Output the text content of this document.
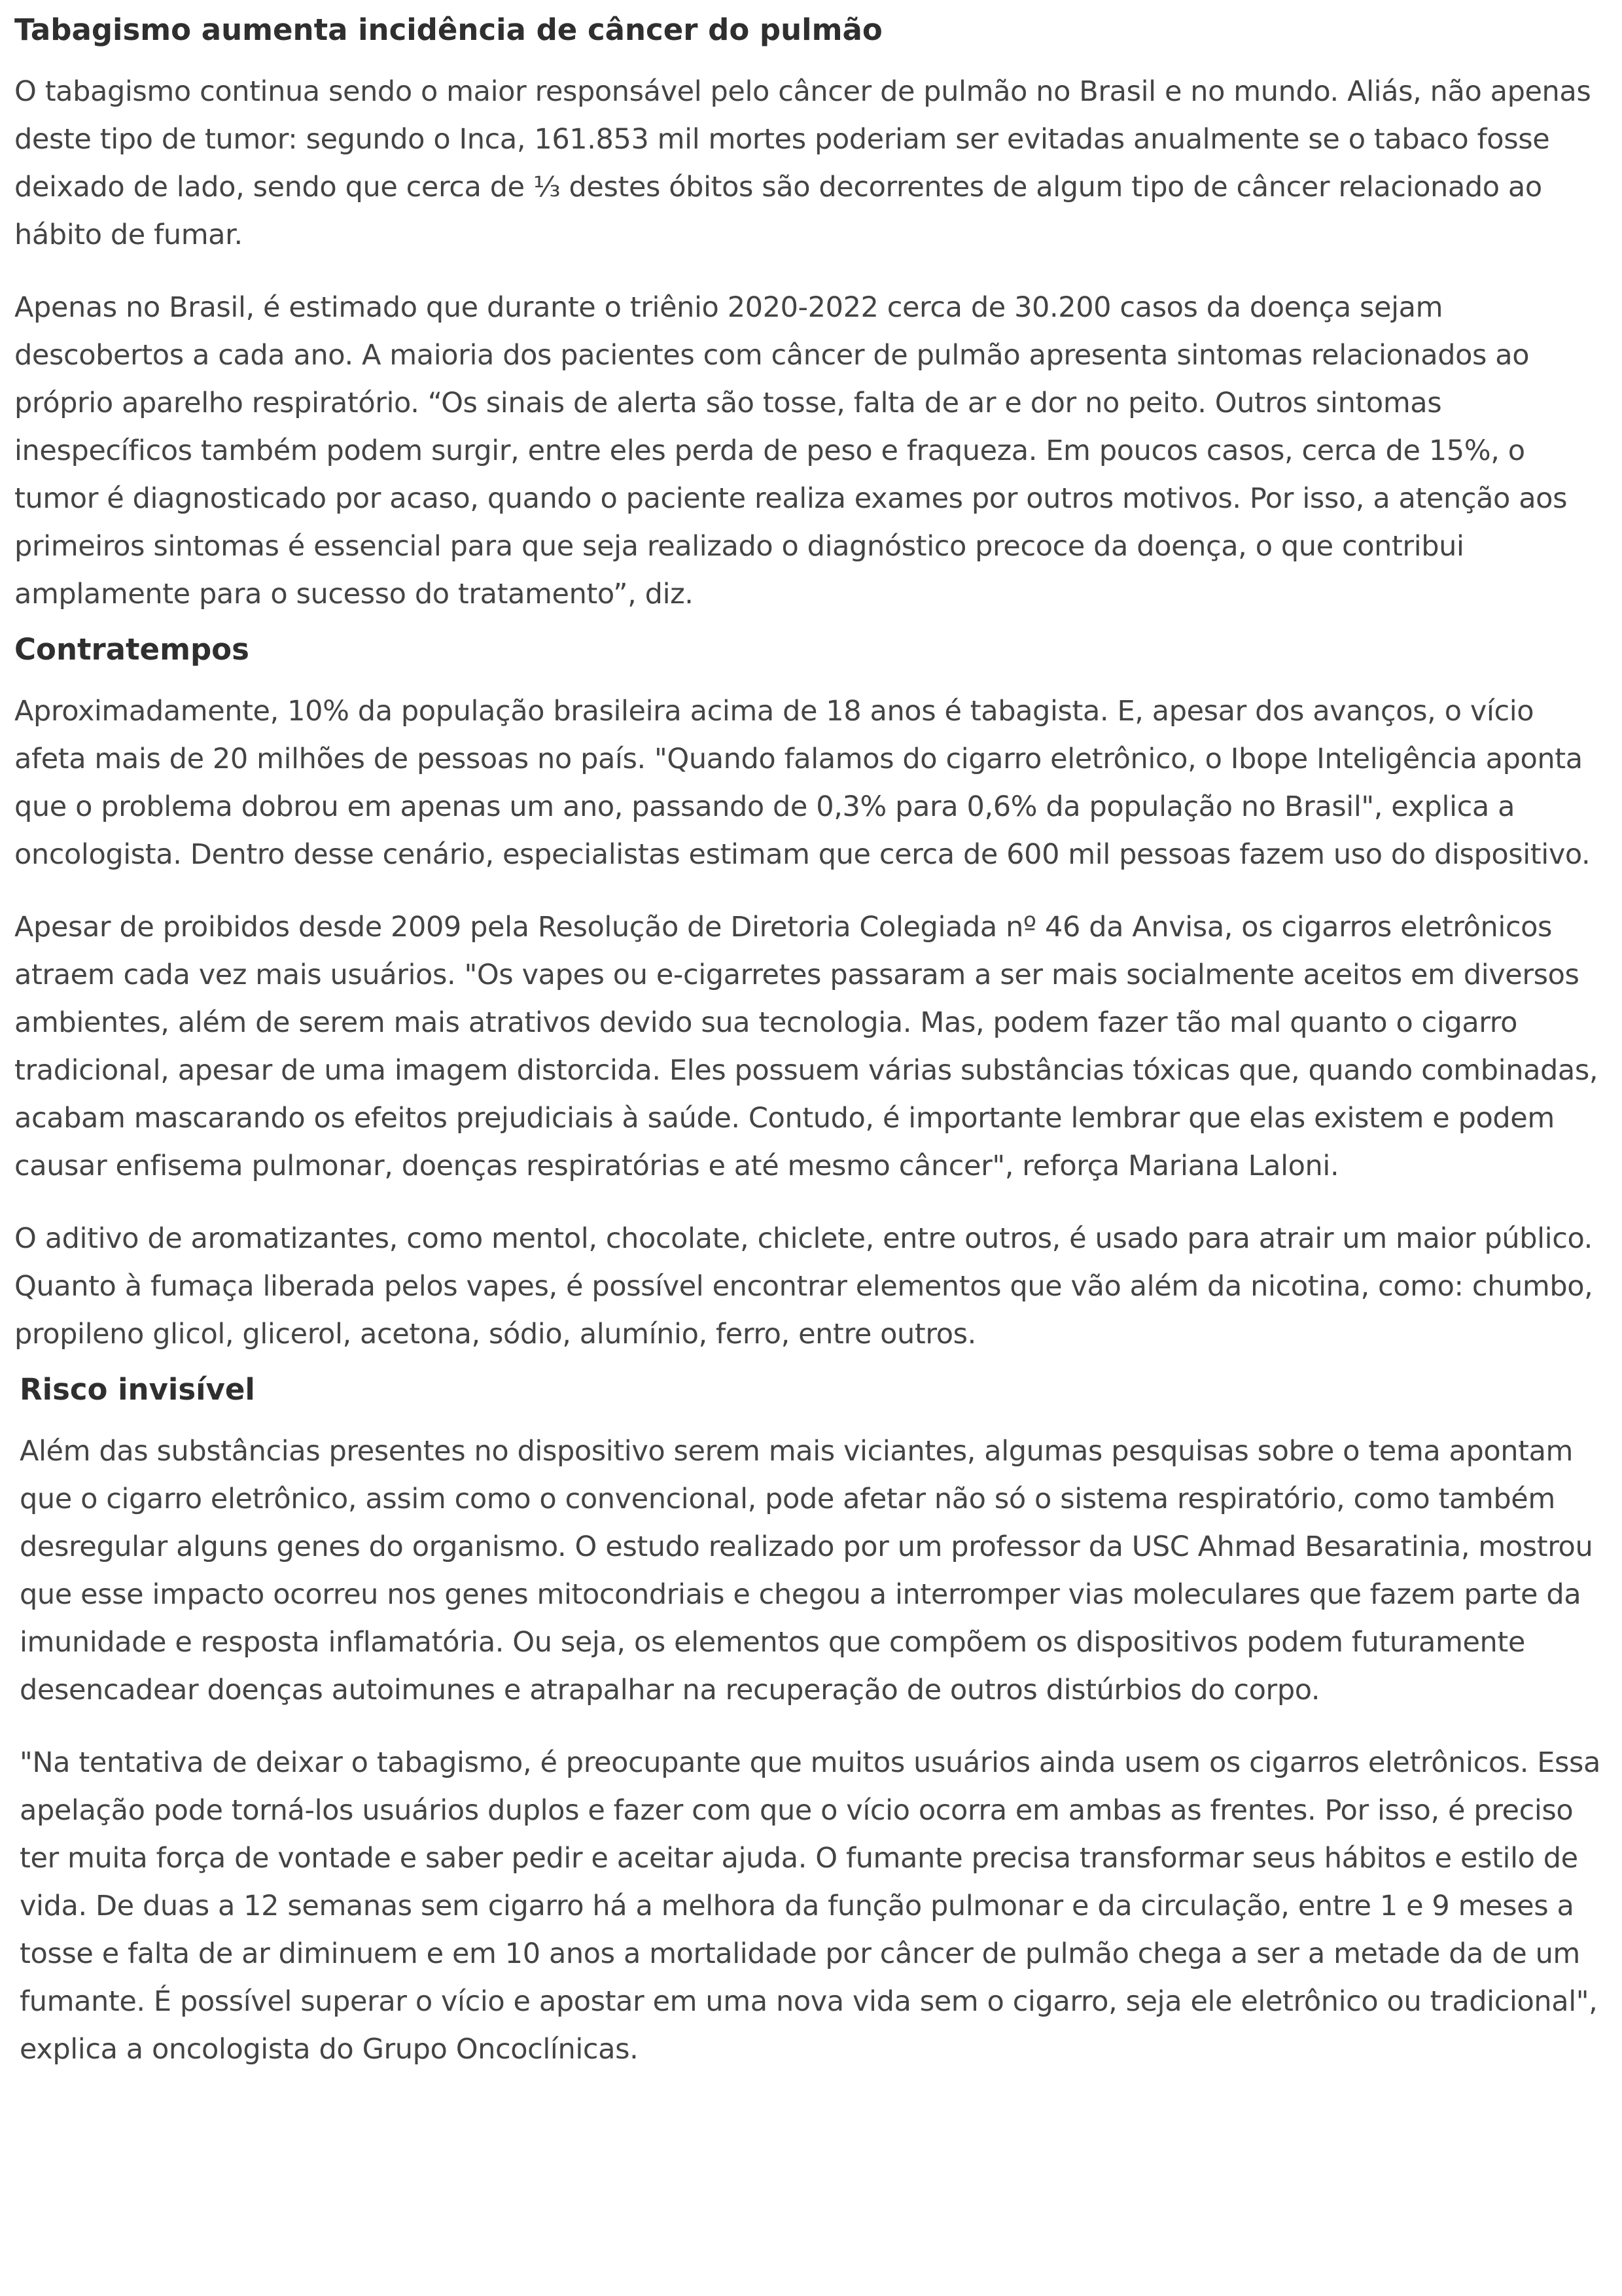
Tabagismo aumenta incidência de câncer do pulmão

O tabagismo continua sendo o maior responsável pelo câncer de pulmão no Brasil e no mundo. Aliás, não apenas deste tipo de tumor: segundo o Inca, 161.853 mil mortes poderiam ser evitadas anualmente se o tabaco fosse deixado de lado, sendo que cerca de ⅓ destes óbitos são decorrentes de algum tipo de câncer relacionado ao hábito de fumar.

Apenas no Brasil, é estimado que durante o triênio 2020-2022 cerca de 30.200 casos da doença sejam descobertos a cada ano. A maioria dos pacientes com câncer de pulmão apresenta sintomas relacionados ao próprio aparelho respiratório. “Os sinais de alerta são tosse, falta de ar e dor no peito. Outros sintomas inespecíficos também podem surgir, entre eles perda de peso e fraqueza. Em poucos casos, cerca de 15%, o tumor é diagnosticado por acaso, quando o paciente realiza exames por outros motivos. Por isso, a atenção aos primeiros sintomas é essencial para que seja realizado o diagnóstico precoce da doença, o que contribui amplamente para o sucesso do tratamento”, diz.

Contratempos

Aproximadamente, 10% da população brasileira acima de 18 anos é tabagista. E, apesar dos avanços, o vício afeta mais de 20 milhões de pessoas no país. "Quando falamos do cigarro eletrônico, o Ibope Inteligência aponta que o problema dobrou em apenas um ano, passando de 0,3% para 0,6% da população no Brasil", explica a oncologista. Dentro desse cenário, especialistas estimam que cerca de 600 mil pessoas fazem uso do dispositivo.

Apesar de proibidos desde 2009 pela Resolução de Diretoria Colegiada nº 46 da Anvisa, os cigarros eletrônicos atraem cada vez mais usuários. "Os vapes ou e-cigarretes passaram a ser mais socialmente aceitos em diversos ambientes, além de serem mais atrativos devido sua tecnologia. Mas, podem fazer tão mal quanto o cigarro tradicional, apesar de uma imagem distorcida. Eles possuem várias substâncias tóxicas que, quando combinadas, acabam mascarando os efeitos prejudiciais à saúde. Contudo, é importante lembrar que elas existem e podem causar enfisema pulmonar, doenças respiratórias e até mesmo câncer", reforça Mariana Laloni.

O aditivo de aromatizantes, como mentol, chocolate, chiclete, entre outros, é usado para atrair um maior público. Quanto à fumaça liberada pelos vapes, é possível encontrar elementos que vão além da nicotina, como: chumbo, propileno glicol, glicerol, acetona, sódio, alumínio, ferro, entre outros.

Risco invisível

Além das substâncias presentes no dispositivo serem mais viciantes, algumas pesquisas sobre o tema apontam que o cigarro eletrônico, assim como o convencional, pode afetar não só o sistema respiratório, como também desregular alguns genes do organismo. O estudo realizado por um professor da USC Ahmad Besaratinia, mostrou que esse impacto ocorreu nos genes mitocondriais e chegou a interromper vias moleculares que fazem parte da imunidade e resposta inflamatória. Ou seja, os elementos que compõem os dispositivos podem futuramente desencadear doenças autoimunes e atrapalhar na recuperação de outros distúrbios do corpo.

"Na tentativa de deixar o tabagismo, é preocupante que muitos usuários ainda usem os cigarros eletrônicos. Essa apelação pode torná-los usuários duplos e fazer com que o vício ocorra em ambas as frentes. Por isso, é preciso ter muita força de vontade e saber pedir e aceitar ajuda. O fumante precisa transformar seus hábitos e estilo de vida. De duas a 12 semanas sem cigarro há a melhora da função pulmonar e da circulação, entre 1 e 9 meses a tosse e falta de ar diminuem e em 10 anos a mortalidade por câncer de pulmão chega a ser a metade da de um fumante. É possível superar o vício e apostar em uma nova vida sem o cigarro, seja ele eletrônico ou tradicional", explica a oncologista do Grupo Oncoclínicas.
